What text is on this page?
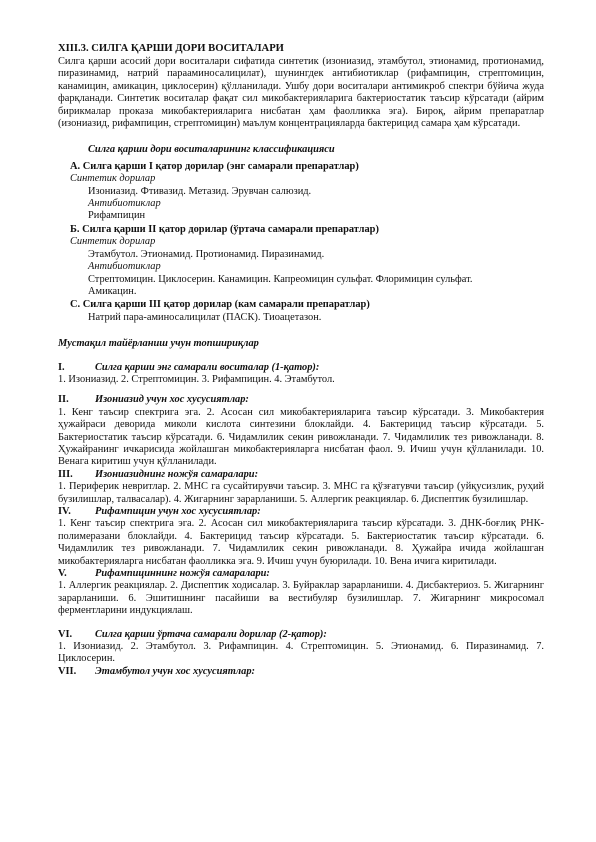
XIII.3. СИЛГА ҚАРШИ ДОРИ ВОСИТАЛАРИ

Силга қарши асосий дори воситалари сифатида синтетик (изониазид, этамбутол, этионамид, протионамид, пиразинамид, натрий парааминосалицилат), шунингдек антибиотиклар (рифампицин, стрептомицин, канамицин, амикацин, циклосерин) қўлланилади. Ушбу дори воситалари антимикроб спектри бўйича жуда фарқланади. Синтетик воситалар фақат сил микобактерияларига бактериостатик таъсир кўрсатади (айрим бирикмалар проказа микобактерияларига нисбатан ҳам фаолликка эга). Бироқ, айрим препаратлар (изониазид, рифампицин, стрептомицин) маълум концентрацияларда бактерицид самара ҳам кўрсатади.

Силга қарши дори воситаларининг классификацияси
А. Силга қарши I қатор дорилар (энг самарали препаратлар)
Синтетик дорилар
Изониазид. Фтивазид. Метазид. Эрувчан салюзид.
Антибиотиклар
Рифампицин
Б. Силга қарши II қатор дорилар (ўртача самарали препаратлар)
Синтетик дорилар
Этамбутол. Этионамид. Протионамид. Пиразинамид.
Антибиотиклар
Стрептомицин. Циклосерин. Канамицин. Капреомицин сульфат. Флоримицин сульфат.
Амикацин.
С. Силга қарши III қатор дорилар (кам самарали препаратлар)
Натрий пара-аминосалицилат (ПАСК). Тиоацетазон.
Мустақил тайёрланиш учун топшириқлар
I.	Силга қарши энг самарали воситалар (1-қатор):

1. Изониазид. 2. Стрептомицин. 3. Рифампицин. 4. Этамбутол.

II.	Изониазид учун хос хусусиятлар:

1. Кенг таъсир спектрига эга. 2. Асосан сил микобактерияларига таъсир кўрсатади. 3. Микобактерия ҳужайраси деворида миколи кислота синтезини блоклайди. 4. Бактерицид таъсир кўрсатади. 5. Бактериостатик таъсир кўрсатади. 6. Чидамлилик секин ривожланади. 7. Чидамлилик тез ривожланади. 8. Ҳужайранинг ичкарисида жойлашган микобактерияларга нисбатан фаол. 9. Ичиш учун қўлланилади. 10. Венага киритиш учун қўлланилади.

III.	Изониазиднинг ножўя самаралари:

1. Периферик невритлар. 2. МНС га сусайтирувчи таъсир. 3. МНС га қўзғатувчи таъсир (уйқусизлик, руҳий бузилишлар, талвасалар). 4. Жигарнинг зарарланиши. 5. Аллергик реакциялар. 6. Диспептик бузилишлар.

IV.	Рифампицин учун хос хусусиятлар:

1. Кенг таъсир спектрига эга. 2. Асосан сил микобактерияларига таъсир кўрсатади. 3. ДНК-боғлиқ РНК-полимеразани блоклайди. 4. Бактерицид таъсир кўрсатади. 5. Бактериостатик таъсир кўрсатади. 6. Чидамлилик тез ривожланади. 7. Чидамлилик секин ривожланади. 8. Ҳужайра ичида жойлашган микобактерияларга нисбатан фаолликка эга. 9. Ичиш учун буюрилади. 10. Вена ичига киритилади.

V.	Рифампициннинг ножўя самаралари:

1. Аллергик реакциялар. 2. Диспептик ходисалар. 3. Буйраклар зарарланиши. 4. Дисбактериоз. 5. Жигарнинг зарарланиши. 6. Эшитишнинг пасайиши ва вестибуляр бузилишлар. 7. Жигарнинг микросомал ферментларини индукциялаш.

VI.	Силга қарши ўртача самарали дорилар (2-қатор):

1. Изониазид. 2. Этамбутол. 3. Рифампицин. 4. Стрептомицин. 5. Этионамид. 6. Пиразинамид. 7. Циклосерин.

VII.	Этамбутол учун хос хусусиятлар:
